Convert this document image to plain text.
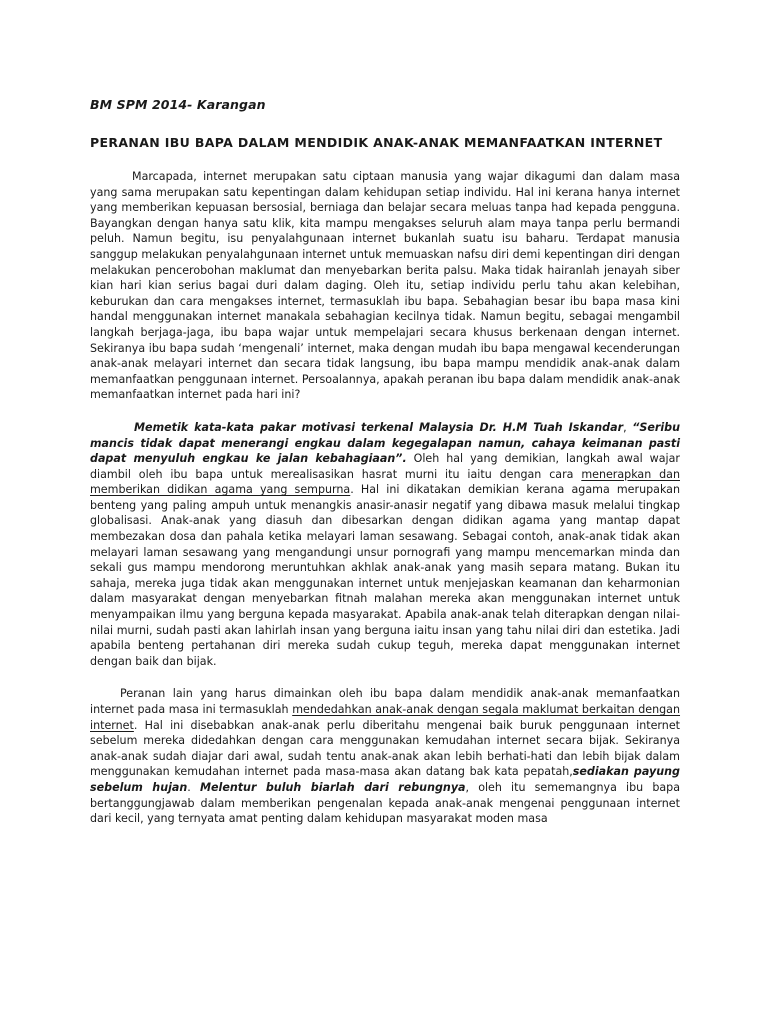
BM SPM 2014- Karangan
PERANAN IBU BAPA DALAM MENDIDIK ANAK-ANAK MEMANFAATKAN INTERNET

Marcapada, internet merupakan satu ciptaan manusia yang wajar dikagumi dan dalam masa yang sama merupakan satu kepentingan dalam kehidupan setiap individu. Hal ini kerana hanya internet yang memberikan kepuasan bersosial, berniaga dan belajar secara meluas tanpa had kepada pengguna. Bayangkan dengan hanya satu klik, kita mampu mengakses seluruh alam maya tanpa perlu bermandi peluh. Namun begitu, isu penyalahgunaan internet bukanlah suatu isu baharu. Terdapat manusia sanggup melakukan penyalahgunaan internet untuk memuaskan nafsu diri demi kepentingan diri dengan melakukan pencerobohan maklumat dan menyebarkan berita palsu. Maka tidak hairanlah jenayah siber kian hari kian serius bagai duri dalam daging. Oleh itu, setiap individu perlu tahu akan kelebihan, keburukan dan cara mengakses internet, termasuklah ibu bapa. Sebahagian besar ibu bapa masa kini handal menggunakan internet manakala sebahagian kecilnya tidak. Namun begitu, sebagai mengambil langkah berjaga-jaga, ibu bapa wajar untuk mempelajari secara khusus berkenaan dengan internet. Sekiranya ibu bapa sudah ‘mengenali’ internet, maka dengan mudah ibu bapa mengawal kecenderungan anak-anak melayari internet dan secara tidak langsung, ibu bapa mampu mendidik anak-anak dalam memanfaatkan penggunaan internet. Persoalannya, apakah peranan ibu bapa dalam mendidik anak-anak memanfaatkan internet pada hari ini?

Memetik kata-kata pakar motivasi terkenal Malaysia Dr. H.M Tuah Iskandar, “Seribu mancis tidak dapat menerangi engkau dalam kegegalapan namun, cahaya keimanan pasti dapat menyuluh engkau ke jalan kebahagiaan”. Oleh hal yang demikian, langkah awal wajar diambil oleh ibu bapa untuk merealisasikan hasrat murni itu iaitu dengan cara menerapkan dan memberikan didikan agama yang sempurna. Hal ini dikatakan demikian kerana agama merupakan benteng yang paling ampuh untuk menangkis anasir-anasir negatif yang dibawa masuk melalui tingkap globalisasi. Anak-anak yang diasuh dan dibesarkan dengan didikan agama yang mantap dapat membezakan dosa dan pahala ketika melayari laman sesawang. Sebagai contoh, anak-anak tidak akan melayari laman sesawang yang mengandungi unsur pornografi yang mampu mencemarkan minda dan sekali gus mampu mendorong meruntuhkan akhlak anak-anak yang masih separa matang. Bukan itu sahaja, mereka juga tidak akan menggunakan internet untuk menjejaskan keamanan dan keharmonian dalam masyarakat dengan menyebarkan fitnah malahan mereka akan menggunakan internet untuk menyampaikan ilmu yang berguna kepada masyarakat. Apabila anak-anak telah diterapkan dengan nilai-nilai murni, sudah pasti akan lahirlah insan yang berguna iaitu insan yang tahu nilai diri dan estetika. Jadi apabila benteng pertahanan diri mereka sudah cukup teguh, mereka dapat menggunakan internet dengan baik dan bijak.

Peranan lain yang harus dimainkan oleh ibu bapa dalam mendidik anak-anak memanfaatkan internet pada masa ini termasuklah mendedahkan anak-anak dengan segala maklumat berkaitan dengan internet. Hal ini disebabkan anak-anak perlu diberitahu mengenai baik buruk penggunaan internet sebelum mereka didedahkan dengan cara menggunakan kemudahan internet secara bijak. Sekiranya anak-anak sudah diajar dari awal, sudah tentu anak-anak akan lebih berhati-hati dan lebih bijak dalam menggunakan kemudahan internet pada masa-masa akan datang bak kata pepatah,sediakan payung sebelum hujan. Melentur buluh biarlah dari rebungnya, oleh itu sememangnya ibu bapa bertanggungjawab dalam memberikan pengenalan kepada anak-anak mengenai penggunaan internet dari kecil, yang ternyata amat penting dalam kehidupan masyarakat moden masa
